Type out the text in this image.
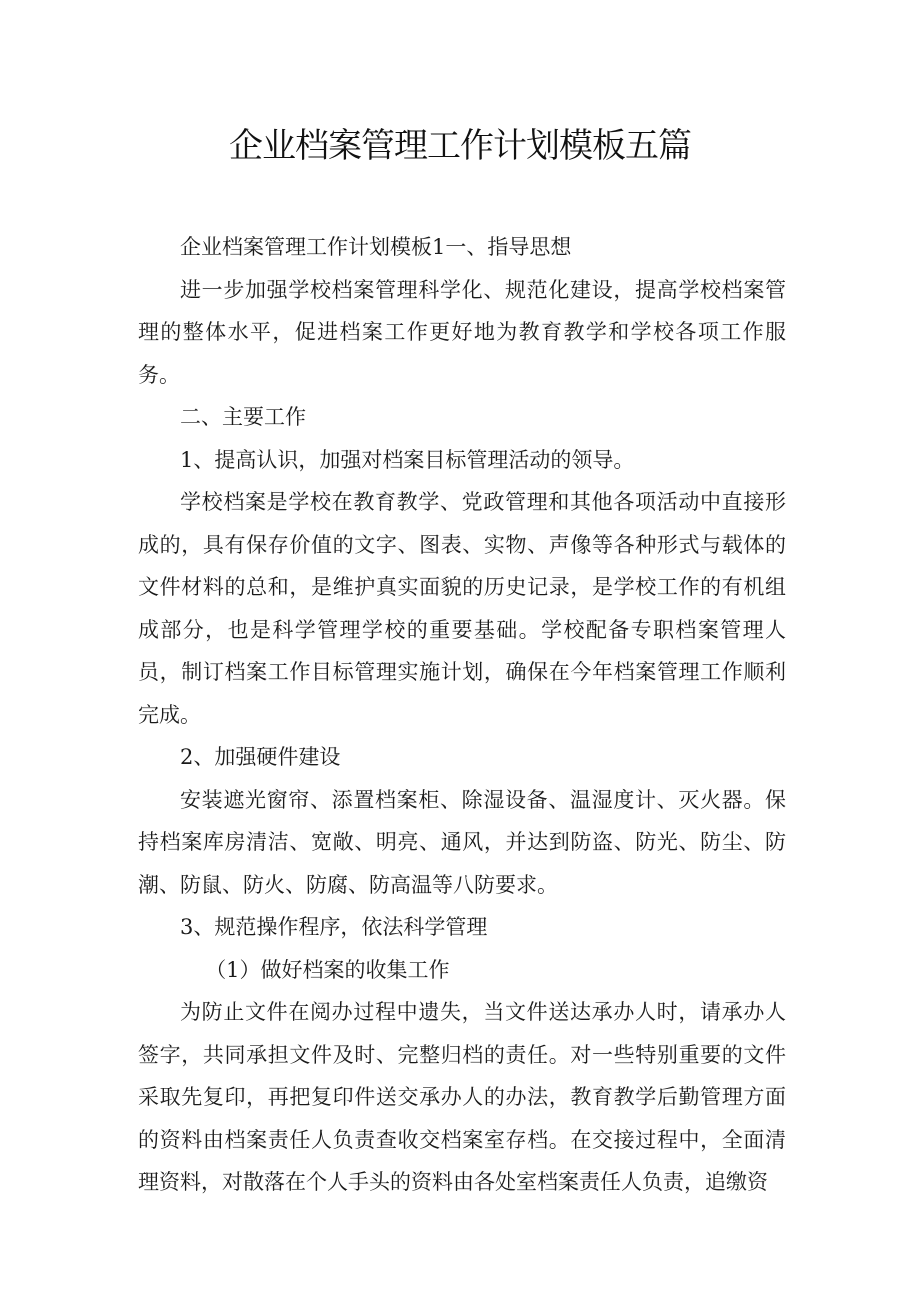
企业档案管理工作计划模板五篇

企业档案管理工作计划模板1一、指导思想

进一步加强学校档案管理科学化、规范化建设，提高学校档案管理的整体水平，促进档案工作更好地为教育教学和学校各项工作服务。

二、主要工作

1、提高认识，加强对档案目标管理活动的领导。

学校档案是学校在教育教学、党政管理和其他各项活动中直接形成的，具有保存价值的文字、图表、实物、声像等各种形式与载体的文件材料的总和，是维护真实面貌的历史记录，是学校工作的有机组成部分，也是科学管理学校的重要基础。学校配备专职档案管理人员，制订档案工作目标管理实施计划，确保在今年档案管理工作顺利完成。

2、加强硬件建设

安装遮光窗帘、添置档案柜、除湿设备、温湿度计、灭火器。保持档案库房清洁、宽敞、明亮、通风，并达到防盗、防光、防尘、防潮、防鼠、防火、防腐、防高温等八防要求。

3、规范操作程序，依法科学管理

（1）做好档案的收集工作

为防止文件在阅办过程中遗失，当文件送达承办人时，请承办人签字，共同承担文件及时、完整归档的责任。对一些特别重要的文件采取先复印，再把复印件送交承办人的办法，教育教学后勤管理方面的资料由档案责任人负责查收交档案室存档。在交接过程中，全面清理资料，对散落在个人手头的资料由各处室档案责任人负责，追缴资
